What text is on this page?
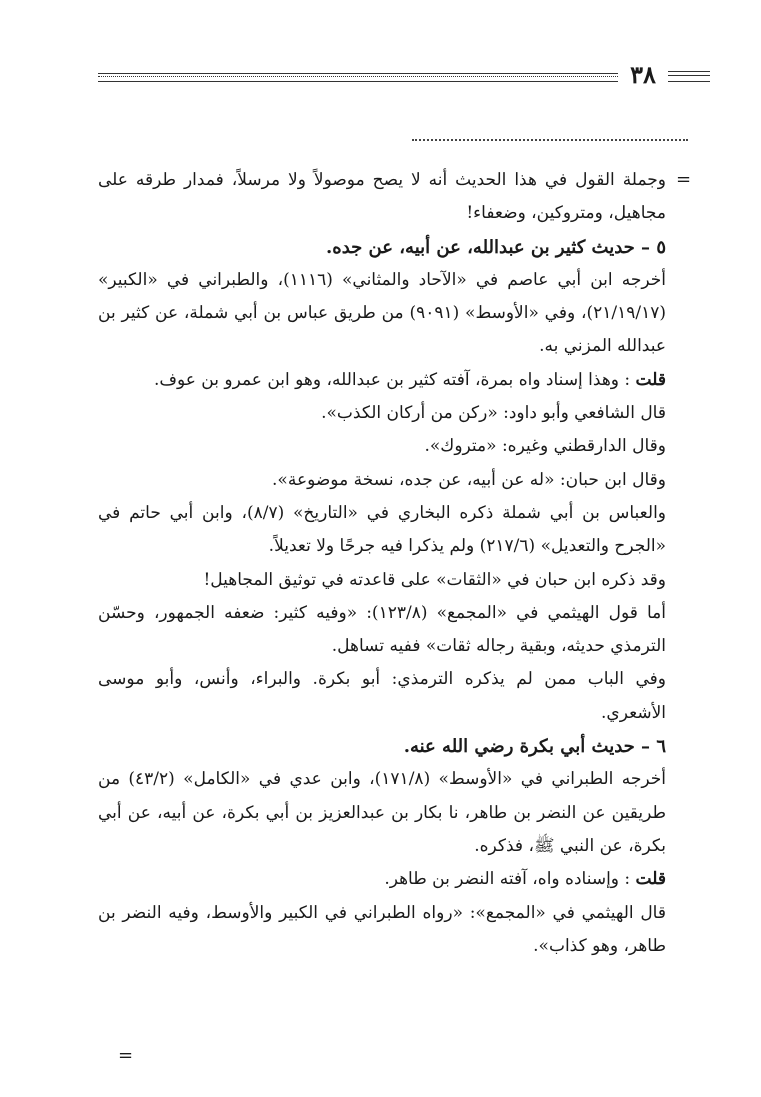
٣٨
=

وجملة القول في هذا الحديث أنه لا يصح موصولاً ولا مرسلاً، فمدار طرقه على مجاهيل، ومتروكين، وضعفاء!

٥ – حديث كثير بن عبدالله، عن أبيه، عن جده.

أخرجه ابن أبي عاصم في «الآحاد والمثاني» (١١١٦)، والطبراني في «الكبير» (٢١/١٩/١٧)، وفي «الأوسط» (٩٠٩١) من طريق عباس بن أبي شملة، عن كثير بن عبدالله المزني به.

قلت : وهذا إسناد واه بمرة، آفته كثير بن عبدالله، وهو ابن عمرو بن عوف.

قال الشافعي وأبو داود: «ركن من أركان الكذب».

وقال الدارقطني وغيره: «متروك».

وقال ابن حبان: «له عن أبيه، عن جده، نسخة موضوعة».

والعباس بن أبي شملة ذكره البخاري في «التاريخ» (٨/٧)، وابن أبي حاتم في «الجرح والتعديل» (٢١٧/٦) ولم يذكرا فيه جرحًا ولا تعديلاً.

وقد ذكره ابن حبان في «الثقات» على قاعدته في توثيق المجاهيل!

أما قول الهيثمي في «المجمع» (١٢٣/٨): «وفيه كثير: ضعفه الجمهور، وحسّن الترمذي حديثه، وبقية رجاله ثقات» ففيه تساهل.

وفي الباب ممن لم يذكره الترمذي: أبو بكرة. والبراء، وأنس، وأبو موسى الأشعري.

٦ – حديث أبي بكرة رضي الله عنه.

أخرجه الطبراني في «الأوسط» (١٧١/٨)، وابن عدي في «الكامل» (٤٣/٢) من طريقين عن النضر بن طاهر، نا بكار بن عبدالعزيز بن أبي بكرة، عن أبيه، عن أبي بكرة، عن النبي ﷺ، فذكره.

قلت : وإسناده واه، آفته النضر بن طاهر.

قال الهيثمي في «المجمع»: «رواه الطبراني في الكبير والأوسط، وفيه النضر بن طاهر، وهو كذاب».

=
